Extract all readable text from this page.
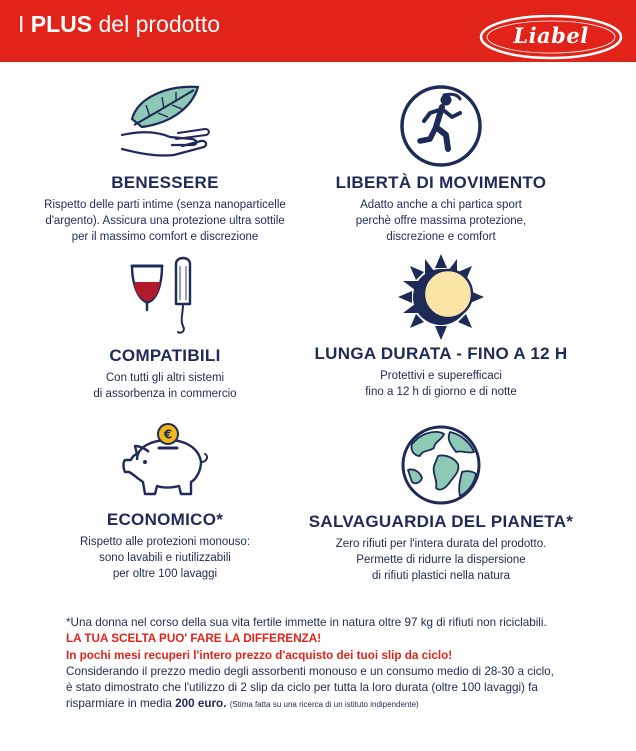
I PLUS del prodotto	Liabel
BENESSERE
Rispetto delle parti intime (senza nanoparticelle
d'argento). Assicura una protezione ultra sottile
per il massimo comfort e discrezione
LIBERTÀ DI MOVIMENTO
Adatto anche a chi partica sport
perchè offre massima protezione,
discrezione e comfort
COMPATIBILI
Con tutti gli altri sistemi
di assorbenza in commercio
LUNGA DURATA - FINO A 12 H
Protettivi e superefficaci
fino a 12 h di giorno e di notte
€
ECONOMICO*
Rispetto alle protezioni monouso:
sono lavabili e riutilizzabili
per oltre 100 lavaggi
SALVAGUARDIA DEL PIANETA*
Zero rifiuti per l'intera durata del prodotto.
Permette di ridurre la dispersione
di rifiuti plastici nella natura
*Una donna nel corso della sua vita fertile immette in natura oltre 97 kg di rifiuti non riciclabili.
LA TUA SCELTA PUO' FARE LA DIFFERENZA!
In pochi mesi recuperi l'intero prezzo d'acquisto dei tuoi slip da ciclo!
Considerando il prezzo medio degli assorbenti monouso e un consumo medio di 28-30 a ciclo,
è stato dimostrato che l'utilizzo di 2 slip da ciclo per tutta la loro durata (oltre 100 lavaggi) fa
risparmiare in media 200 euro. (Stima fatta su una ricerca di un istituto indipendente)
